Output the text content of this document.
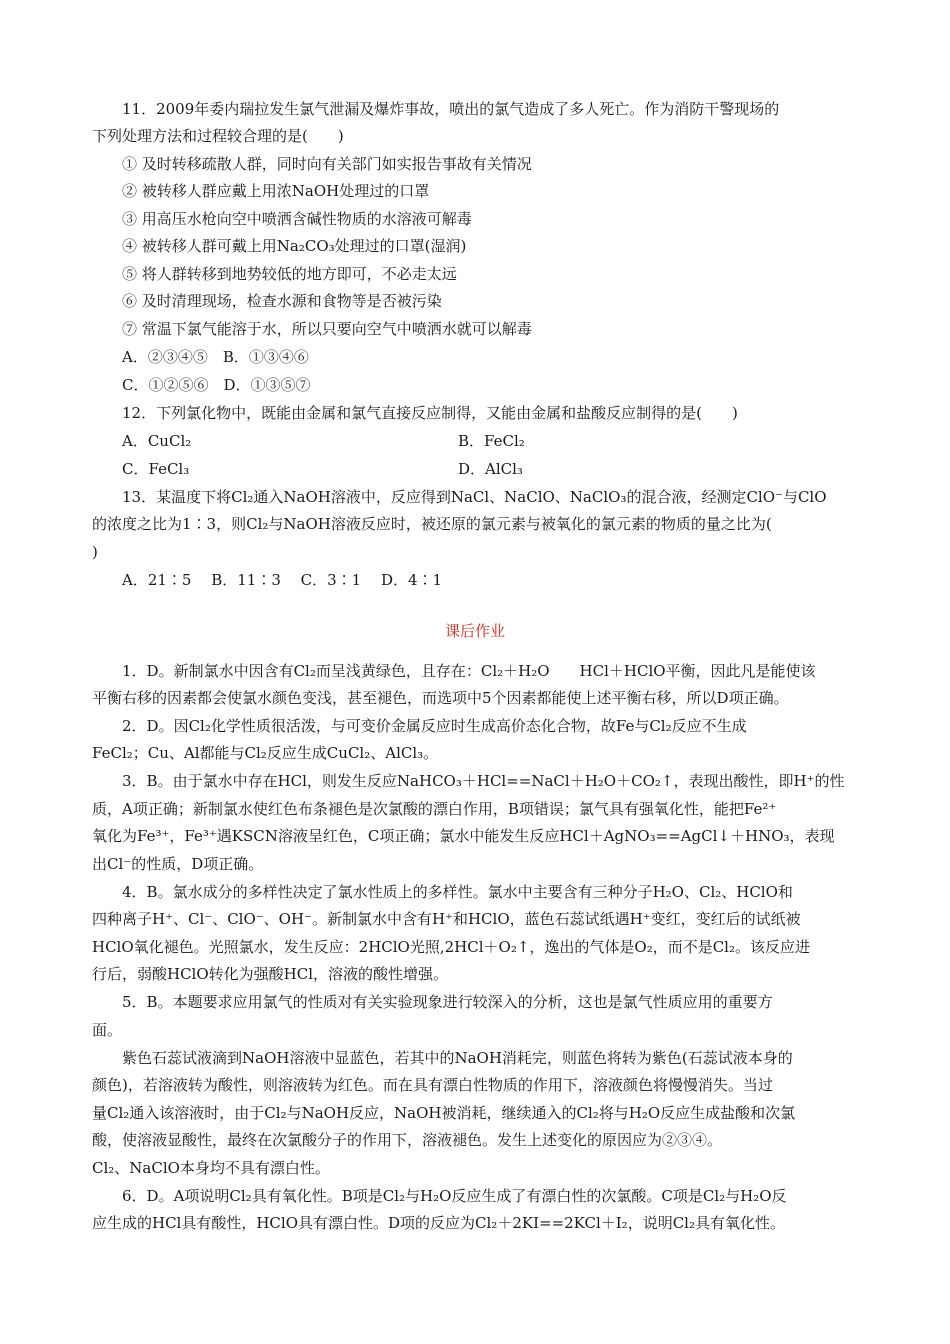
11．2009年委内瑞拉发生氯气泄漏及爆炸事故，喷出的氯气造成了多人死亡。作为消防干警现场的
下列处理方法和过程较合理的是(　　)
① 及时转移疏散人群，同时向有关部门如实报告事故有关情况
② 被转移人群应戴上用浓NaOH处理过的口罩
③ 用高压水枪向空中喷洒含碱性物质的水溶液可解毒
④ 被转移人群可戴上用Na₂CO₃处理过的口罩(湿润)
⑤ 将人群转移到地势较低的地方即可，不必走太远
⑥ 及时清理现场，检查水源和食物等是否被污染
⑦ 常温下氯气能溶于水，所以只要向空气中喷洒水就可以解毒
A．②③④⑤　B．①③④⑥
C．①②⑤⑥　D．①③⑤⑦
12．下列氯化物中，既能由金属和氯气直接反应制得，又能由金属和盐酸反应制得的是(　　)
A．CuCl₂	B．FeCl₂
C．FeCl₃	D．AlCl₃
13．某温度下将Cl₂通入NaOH溶液中，反应得到NaCl、NaClO、NaClO₃的混合液，经测定ClO⁻与ClO
的浓度之比为1∶3，则Cl₂与NaOH溶液反应时，被还原的氯元素与被氧化的氯元素的物质的量之比为(
)
A．21∶5　 B．11∶3　 C．3∶1　 D．4∶1
课后作业
1．D。新制氯水中因含有Cl₂而呈浅黄绿色，且存在：Cl₂＋H₂O　　HCl＋HClO平衡，因此凡是能使该
平衡右移的因素都会使氯水颜色变浅，甚至褪色，而选项中5个因素都能使上述平衡右移，所以D项正确。
2．D。因Cl₂化学性质很活泼，与可变价金属反应时生成高价态化合物，故Fe与Cl₂反应不生成
FeCl₂；Cu、Al都能与Cl₂反应生成CuCl₂、AlCl₃。
3．B。由于氯水中存在HCl，则发生反应NaHCO₃＋HCl==NaCl＋H₂O＋CO₂↑，表现出酸性，即H⁺的性
质，A项正确；新制氯水使红色布条褪色是次氯酸的漂白作用，B项错误；氯气具有强氧化性，能把Fe²⁺
氧化为Fe³⁺，Fe³⁺遇KSCN溶液呈红色，C项正确；氯水中能发生反应HCl＋AgNO₃==AgCl↓＋HNO₃，表现
出Cl⁻的性质，D项正确。
4．B。氯水成分的多样性决定了氯水性质上的多样性。氯水中主要含有三种分子H₂O、Cl₂、HClO和
四种离子H⁺、Cl⁻、ClO⁻、OH⁻。新制氯水中含有H⁺和HClO，蓝色石蕊试纸遇H⁺变红，变红后的试纸被
HClO氧化褪色。光照氯水，发生反应：2HClO光照,2HCl＋O₂↑，逸出的气体是O₂，而不是Cl₂。该反应进
行后，弱酸HClO转化为强酸HCl，溶液的酸性增强。
5．B。本题要求应用氯气的性质对有关实验现象进行较深入的分析，这也是氯气性质应用的重要方
面。
紫色石蕊试液滴到NaOH溶液中显蓝色，若其中的NaOH消耗完，则蓝色将转为紫色(石蕊试液本身的
颜色)，若溶液转为酸性，则溶液转为红色。而在具有漂白性物质的作用下，溶液颜色将慢慢消失。当过
量Cl₂通入该溶液时，由于Cl₂与NaOH反应，NaOH被消耗，继续通入的Cl₂将与H₂O反应生成盐酸和次氯
酸，使溶液显酸性，最终在次氯酸分子的作用下，溶液褪色。发生上述变化的原因应为②③④。
Cl₂、NaClO本身均不具有漂白性。
6．D。A项说明Cl₂具有氧化性。B项是Cl₂与H₂O反应生成了有漂白性的次氯酸。C项是Cl₂与H₂O反
应生成的HCl具有酸性，HClO具有漂白性。D项的反应为Cl₂＋2KI==2KCl＋I₂，说明Cl₂具有氧化性。
